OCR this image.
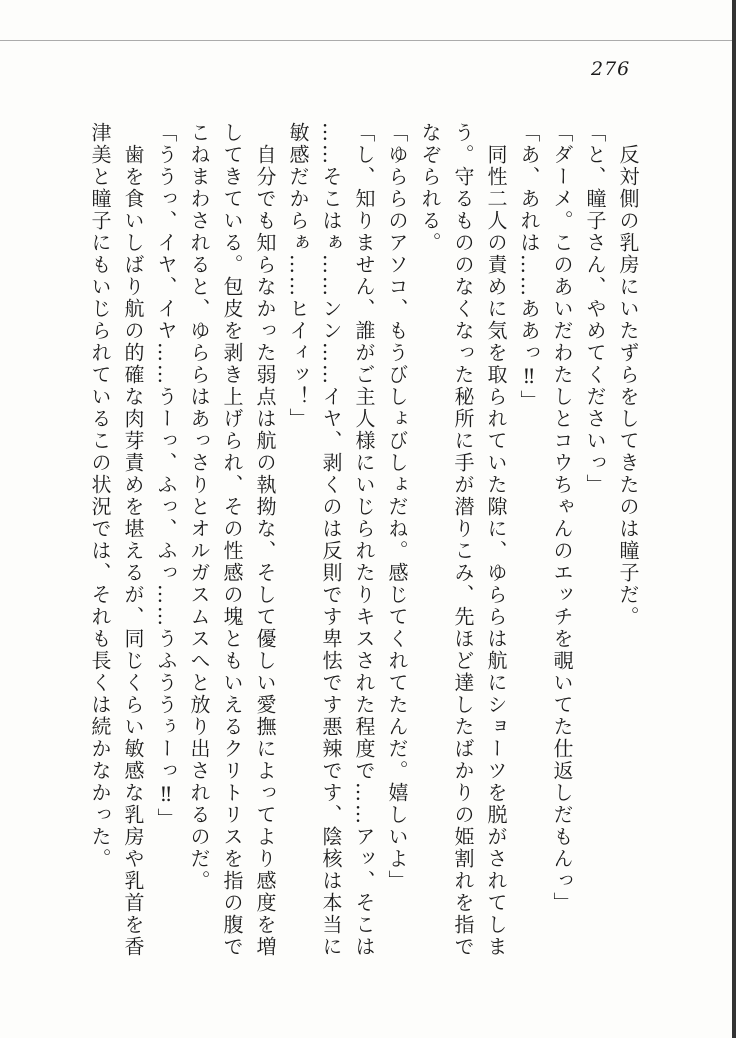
276
反対側の乳房にいたずらをしてきたのは瞳子だ。
「と、瞳子さん、やめてくださいっ」
「ダーメ。このあいだわたしとコウちゃんのエッチを覗いてた仕返しだもんっ」
「あ、あれは……ああっ‼」
同性二人の責めに気を取られていた隙に、ゆららは航にショーツを脱がされてしま
う。守るもののなくなった秘所に手が潜りこみ、先ほど達したばかりの姫割れを指で
なぞられる。
「ゆららのアソコ、もうびしょびしょだね。感じてくれてたんだ。嬉しいよ」
「し、知りません、誰がご主人様にいじられたりキスされた程度で……アッ、そこは
……そこはぁ……ンン……イヤ、剥くのは反則です卑怯です悪辣です、陰核は本当に
敏感だからぁ……ヒイィッ！」
自分でも知らなかった弱点は航の執拗な、そして優しい愛撫によってより感度を増
してきている。包皮を剥き上げられ、その性感の塊ともいえるクリトリスを指の腹で
こねまわされると、ゆららはあっさりとオルガスムスへと放り出されるのだ。
「ううっ、イヤ、イヤ……うーっ、ふっ、ふっ……うふううぅーっ‼」
歯を食いしばり航の的確な肉芽責めを堪えるが、同じくらい敏感な乳房や乳首を香
津美と瞳子にもいじられているこの状況では、それも長くは続かなかった。
